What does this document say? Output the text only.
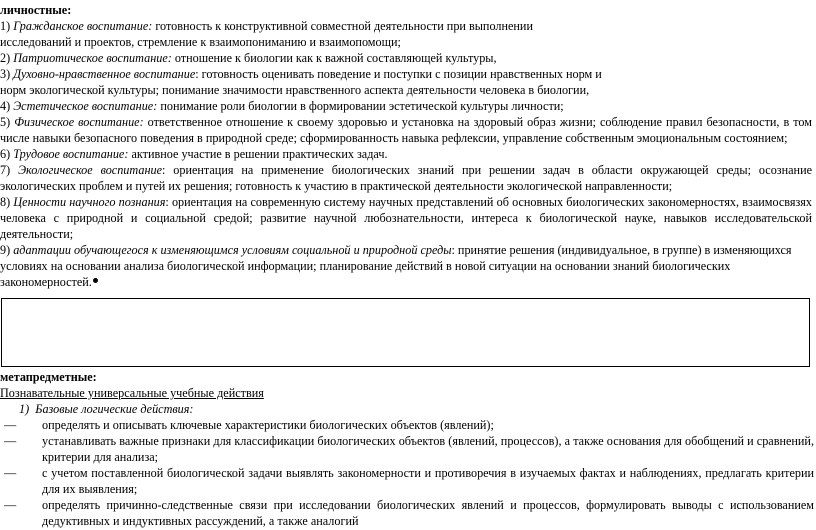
личностные:
1) Гражданское воспитание: готовность к конструктивной совместной деятельности при выполнении
исследований и проектов, стремление к взаимопониманию и взаимопомощи;
2) Патриотическое воспитание: отношение к биологии как к важной составляющей культуры,
3) Духовно-нравственное воспитание: готовность оценивать поведение и поступки с позиции нравственных норм и
норм экологической культуры; понимание значимости нравственного аспекта деятельности человека в биологии,
4) Эстетическое воспитание: понимание роли биологии в формировании эстетической культуры личности;
5) Физическое воспитание: ответственное отношение к своему здоровью и установка на здоровый образ жизни; соблюдение правил безопасности, в том
числе навыки безопасного поведения в природной среде; сформированность навыка рефлексии, управление собственным эмоциональным состоянием;
6) Трудовое воспитание: активное участие в решении практических задач.
7) Экологическое воспитание: ориентация на применение биологических знаний при решении задач в области окружающей среды; осознание
экологических проблем и путей их решения; готовность к участию в практической деятельности экологической направленности;
8) Ценности научного познания: ориентация на современную систему научных представлений об основных биологических закономерностях, взаимосвязях
человека с природной и социальной средой; развитие научной любознательности, интереса к биологической науке, навыков исследовательской
деятельности;
9) адаптации обучающегося к изменяющимся условиям социальной и природной среды: принятие решения (индивидуальное, в группе) в изменяющихся
условиях на основании анализа биологической информации; планирование действий в новой ситуации на основании знаний биологических
закономерностей.
метапредметные:
Познавательные универсальные учебные действия
1) Базовые логические действия:
— определять и описывать ключевые характеристики биологических объектов (явлений);
— устанавливать важные признаки для классификации биологических объектов (явлений, процессов), а также основания для обобщений и сравнений,
критерии для анализа;
— с учетом поставленной биологической задачи выявлять закономерности и противоречия в изучаемых фактах и наблюдениях, предлагать критерии
для их выявления;
— определять причинно-следственные связи при исследовании биологических явлений и процессов, формулировать выводы с использованием
дедуктивных и индуктивных рассуждений, а также аналогий
